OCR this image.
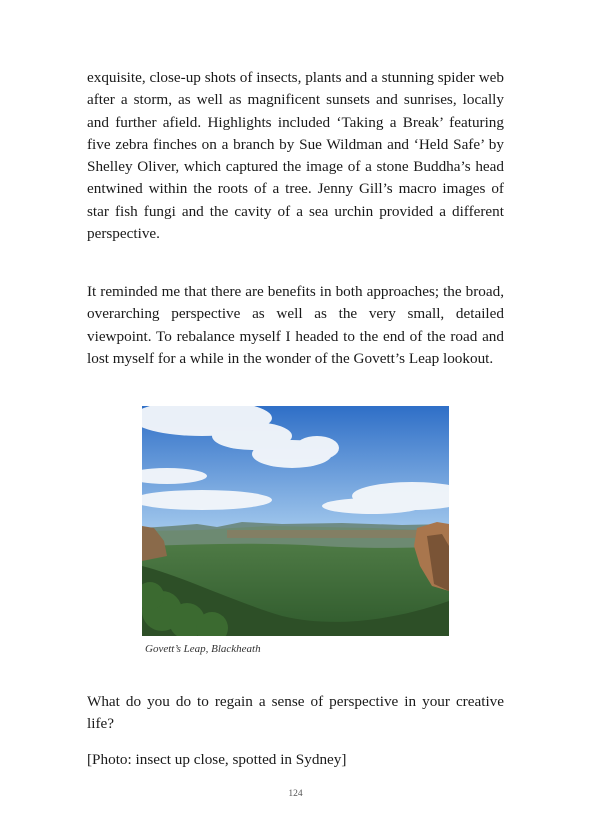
exquisite, close-up shots of insects, plants and a stunning spider web after a storm, as well as magnificent sunsets and sunrises, locally and further afield. Highlights included ‘Taking a Break’ featuring five zebra finches on a branch by Sue Wildman and ‘Held Safe’ by Shelley Oliver, which captured the image of a stone Buddha’s head entwined within the roots of a tree. Jenny Gill’s macro images of star fish fungi and the cavity of a sea urchin provided a different perspective.

It reminded me that there are benefits in both approaches; the broad, overarching perspective as well as the very small, detailed viewpoint. To rebalance myself I headed to the end of the road and lost myself for a while in the wonder of the Govett’s Leap lookout.

Govett’s Leap, Blackheath

What do you do to regain a sense of perspective in your creative life?

[Photo: insect up close, spotted in Sydney]

124
